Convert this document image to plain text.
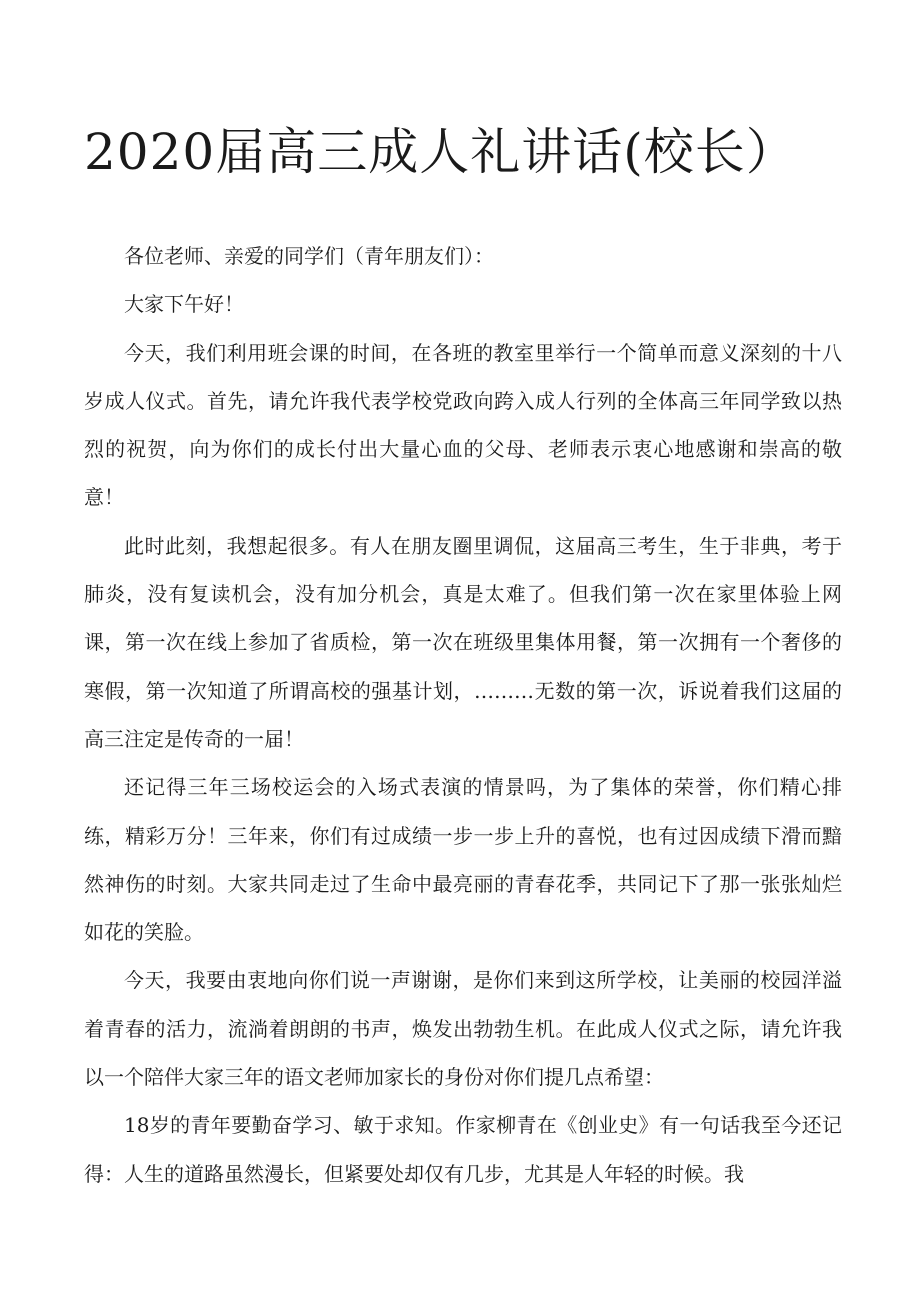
2020届高三成人礼讲话(校长）

各位老师、亲爱的同学们（青年朋友们）：

大家下午好！

今天，我们利用班会课的时间，在各班的教室里举行一个简单而意义深刻的十八岁成人仪式。首先，请允许我代表学校党政向跨入成人行列的全体高三年同学致以热烈的祝贺，向为你们的成长付出大量心血的父母、老师表示衷心地感谢和崇高的敬意！

此时此刻，我想起很多。有人在朋友圈里调侃，这届高三考生，生于非典，考于肺炎，没有复读机会，没有加分机会，真是太难了。但我们第一次在家里体验上网课，第一次在线上参加了省质检，第一次在班级里集体用餐，第一次拥有一个奢侈的寒假，第一次知道了所谓高校的强基计划，………无数的第一次，诉说着我们这届的高三注定是传奇的一届！

还记得三年三场校运会的入场式表演的情景吗，为了集体的荣誉，你们精心排练，精彩万分！三年来，你们有过成绩一步一步上升的喜悦，也有过因成绩下滑而黯然神伤的时刻。大家共同走过了生命中最亮丽的青春花季，共同记下了那一张张灿烂如花的笑脸。

今天，我要由衷地向你们说一声谢谢，是你们来到这所学校，让美丽的校园洋溢着青春的活力，流淌着朗朗的书声，焕发出勃勃生机。在此成人仪式之际，请允许我以一个陪伴大家三年的语文老师加家长的身份对你们提几点希望：

18岁的青年要勤奋学习、敏于求知。作家柳青在《创业史》有一句话我至今还记得：人生的道路虽然漫长，但紧要处却仅有几步，尤其是人年轻的时候。我
